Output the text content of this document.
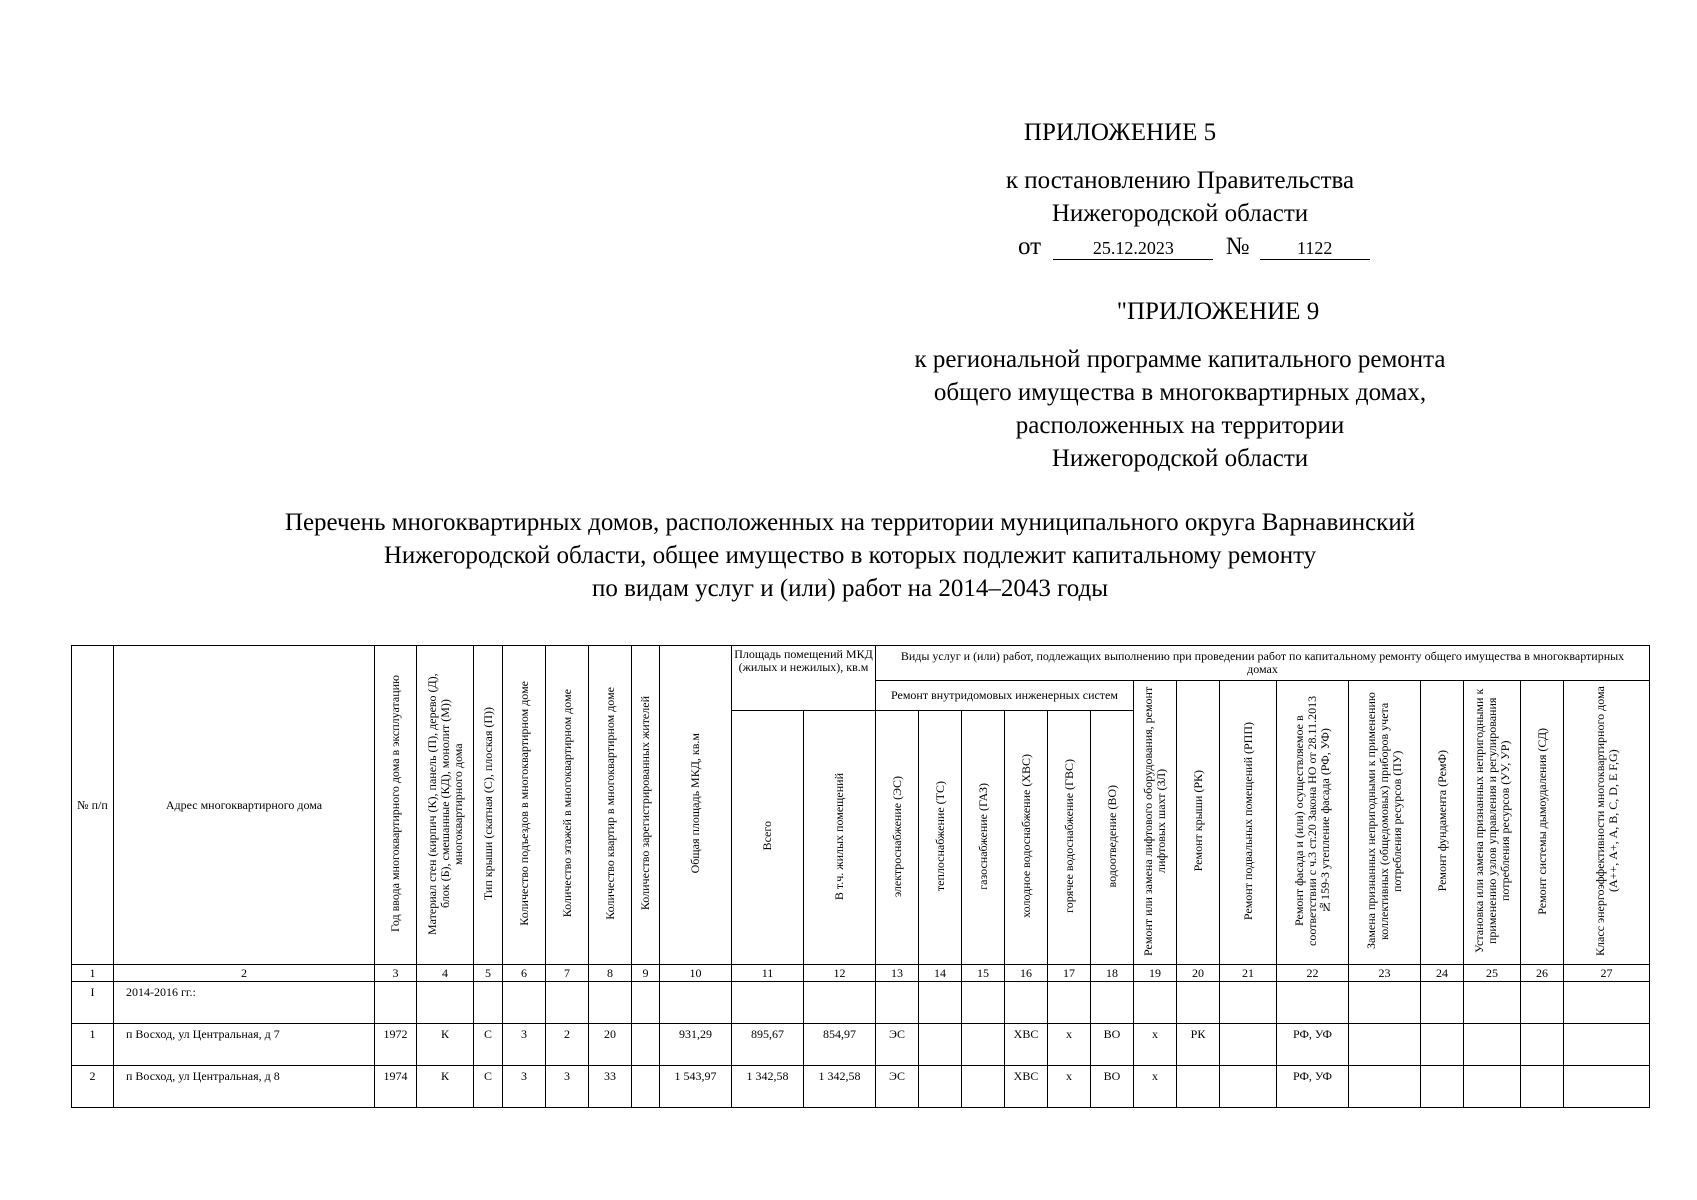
ПРИЛОЖЕНИЕ 5
к постановлению Правительства
Нижегородской области
от	25.12.2023 №	1122
"ПРИЛОЖЕНИЕ 9
к региональной программе капитального ремонта
общего имущества в многоквартирных домах,
расположенных на территории
Нижегородской области
Перечень многоквартирных домов, расположенных на территории муниципального округа Варнавинский
Нижегородской области, общее имущество в которых подлежит капитальному ремонту
по видам услуг и (или) работ на 2014–2043 годы
№ п/п	Адрес многоквартирного дома	Год ввода многоквартирного дома в эксплуатацию	Материал стен (кирпич (К), панель (П), дерево (Д), блок (Б), смешанные (КД), монолит (М)) многоквартирного дома	Тип крыши (скатная (С), плоская (П))	Количество подъездов в многоквартирном доме	Количество этажей в многоквартирном доме	Количество квартир в многоквартирном доме	Количество зарегистрированных жителей	Общая площадь МКД, кв.м	Площадь помещений МКД (жилых и нежилых), кв.м		Виды услуг и (или) работ, подлежащих выполнению при проведении работ по капитальному ремонту общего имущества в многоквартирных домах														
												Ремонт внутридомовых инженерных систем						Ремонт или замена лифтового оборудования, ремонт лифтовых шахт (ЗЛ)	Ремонт крыши (РК)	Ремонт подвальных помещений (РПП)	Ремонт фасада и (или) осуществляемое в соответствии с ч.3 ст.20 Закона НО от 28.11.2013 №159-З утепление фасада (РФ, УФ)	Замена признанных непригодными к применению коллективных (общедомовых) приборов учета потребления ресурсов (ПУ)	Ремонт фундамента (РемФ)	Установка или замена признанных непригодными к применению узлов управления и регулирования потребления ресурсов (УУ, УР)	Ремонт системы дымоудаления (СД)	Класс энергоэффективности многоквартирного дома (А++, А+, А, В, С, D, E F,G)
										Всего	В т.ч. жилых помещений	электроснабжение (ЭС)	теплоснабжение (ТС)	газоснабжение (ГАЗ)	холодное водоснабжение (ХВС)	горячее водоснабжение (ГВС)	водоотведение (ВО)									
1	2	3	4	5	6	7	8	9	10	11	12	13	14	15	16	17	18	19	20	21	22	23	24	25	26	27
I	2014-2016 гг.:																									
1	п Восход, ул Центральная, д 7	1972	К	С	3	2	20		931,29	895,67	854,97	ЭС			ХВС	х	ВО	х	РК		РФ, УФ					
2	п Восход, ул Центральная, д 8	1974	К	С	3	3	33		1 543,97	1 342,58	1 342,58	ЭС			ХВС	х	ВО	х			РФ, УФ					
